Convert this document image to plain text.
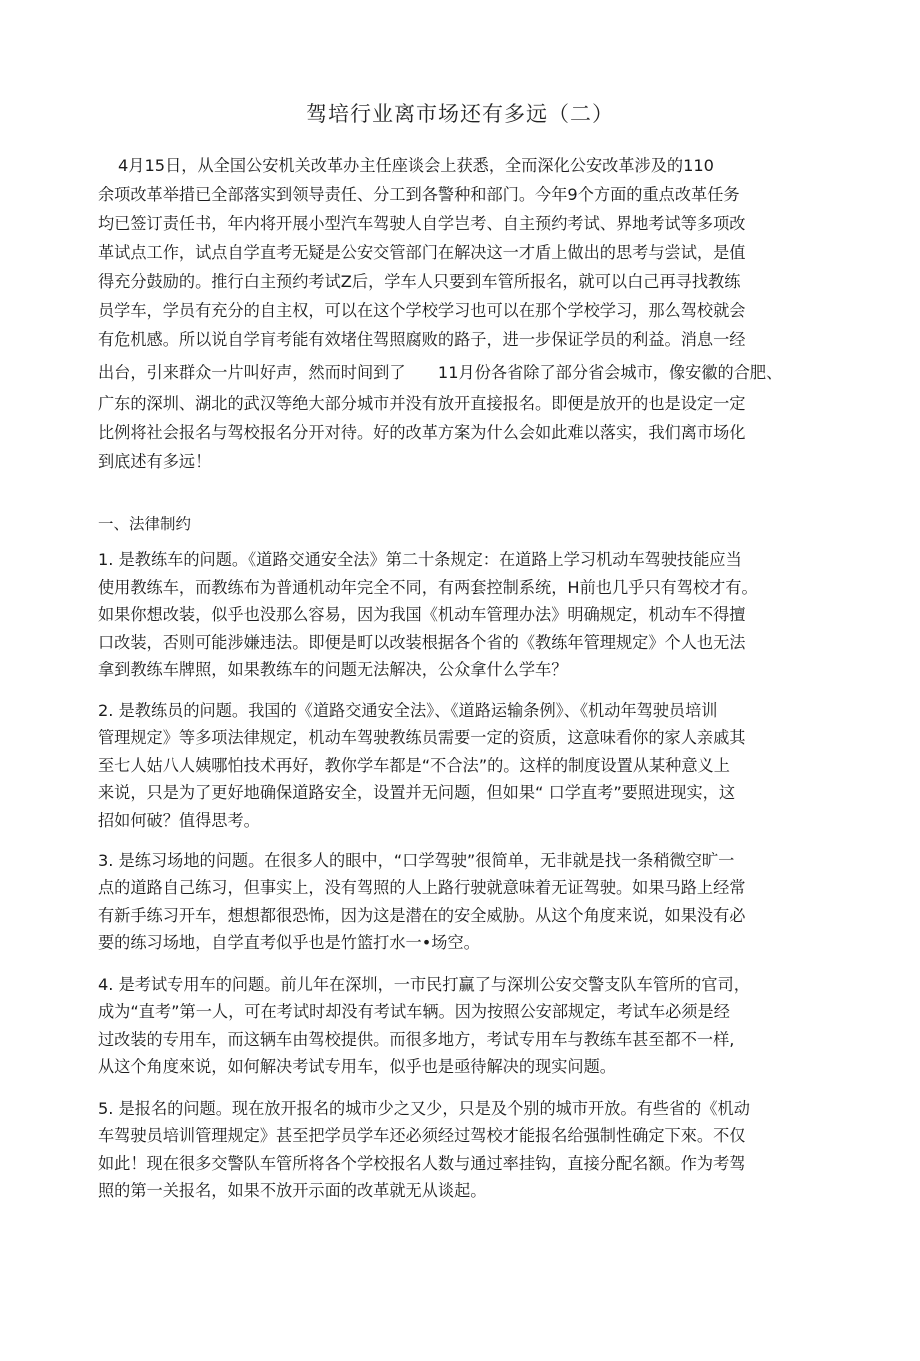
驾培行业离市场还有多远（二）
4月15日，从全国公安机关改革办主任座谈会上获悉，全而深化公安改革涉及的110
余项改革举措已全部落实到领导责任、分工到各警种和部门。今年9个方面的重点改革任务
均已签订责任书，年内将开展小型汽车驾驶人自学岂考、自主预约考试、界地考试等多项改
革试点工作，试点自学直考无疑是公安交管部门在解决这一才盾上做出的思考与尝试，是值
得充分鼓励的。推行白主预约考试Z后，学车人只要到车管所报名，就可以白己再寻找教练
员学车，学员有充分的自主权，可以在这个学校学习也可以在那个学校学习，那么驾校就会
有危机感。所以说自学肓考能有效堵住驾照腐败的路子，进一步保证学员的利益。消息一经
出台，引来群众一片叫好声，然而时间到了　　11月份各省除了部分省会城市，像安徽的合肥、
广东的深圳、湖北的武汉等绝大部分城市并没有放开直接报名。即便是放开的也是设定一定
比例将社会报名与驾校报名分开对待。好的改革方案为什么会如此难以落实，我们离市场化
到底述有多远！
一、法律制约
1. 是教练车的问题。《道路交通安全法》第二十条规定：在道路上学习机动车驾驶技能应当
使用教练车，而教练布为普通机动年完全不同，有两套控制系统，H前也几乎只有驾校才有。
如果你想改装，似乎也没那么容易，因为我国《机动车管理办法》明确规定，机动车不得擅
口改装，否则可能涉嫌违法。即便是町以改装根据各个省的《教练年管理规定》个人也无法
拿到教练车牌照，如果教练车的问题无法解决，公众拿什么学车？
2. 是教练员的问题。我国的《道路交通安全法》、《道路运输条例》、《机动年驾驶员培训
管理规定》等多项法律规定，机动车驾驶教练员需要一定的资质，这意味看你的家人亲戚其
至七人姑八人姨哪怕技术再好，教你学车都是“不合法”的。这样的制度设置从某种意义上
来说，只是为了更好地确保道路安全，设置并无问题，但如果“ 口学直考”要照进现实，这
招如何破？值得思考。
3. 是练习场地的问题。在很多人的眼中，“口学驾驶”很简单，无非就是找一条稍微空旷一
点的道路自己练习，但事实上，没有驾照的人上路行驶就意味着无证驾驶。如果马路上经常
有新手练习开车，想想都很恐怖，因为这是潜在的安全威胁。从这个角度来说，如果没有必
要的练习场地，自学直考似乎也是竹篮打水一•场空。
4. 是考试专用车的问题。前儿年在深圳，一市民打赢了与深圳公安交警支队车管所的官司，
成为“直考”第一人，可在考试时却没有考试车辆。因为按照公安部规定，考试车必须是经
过改装的专用车，而这辆车由驾校提供。而很多地方，考试专用车与教练车甚至都不一样,
从这个角度來说，如何解决考试专用车，似乎也是亟待解决的现实问题。
5. 是报名的问题。现在放开报名的城市少之又少，只是及个别的城市开放。有些省的《机动
车驾驶员培训管理规定》甚至把学员学车还必须经过驾校才能报名给强制性确定下來。不仅
如此！现在很多交警队车管所将各个学校报名人数与通过率挂钩，直接分配名额。作为考驾
照的第一关报名，如果不放开示面的改革就无从谈起。
